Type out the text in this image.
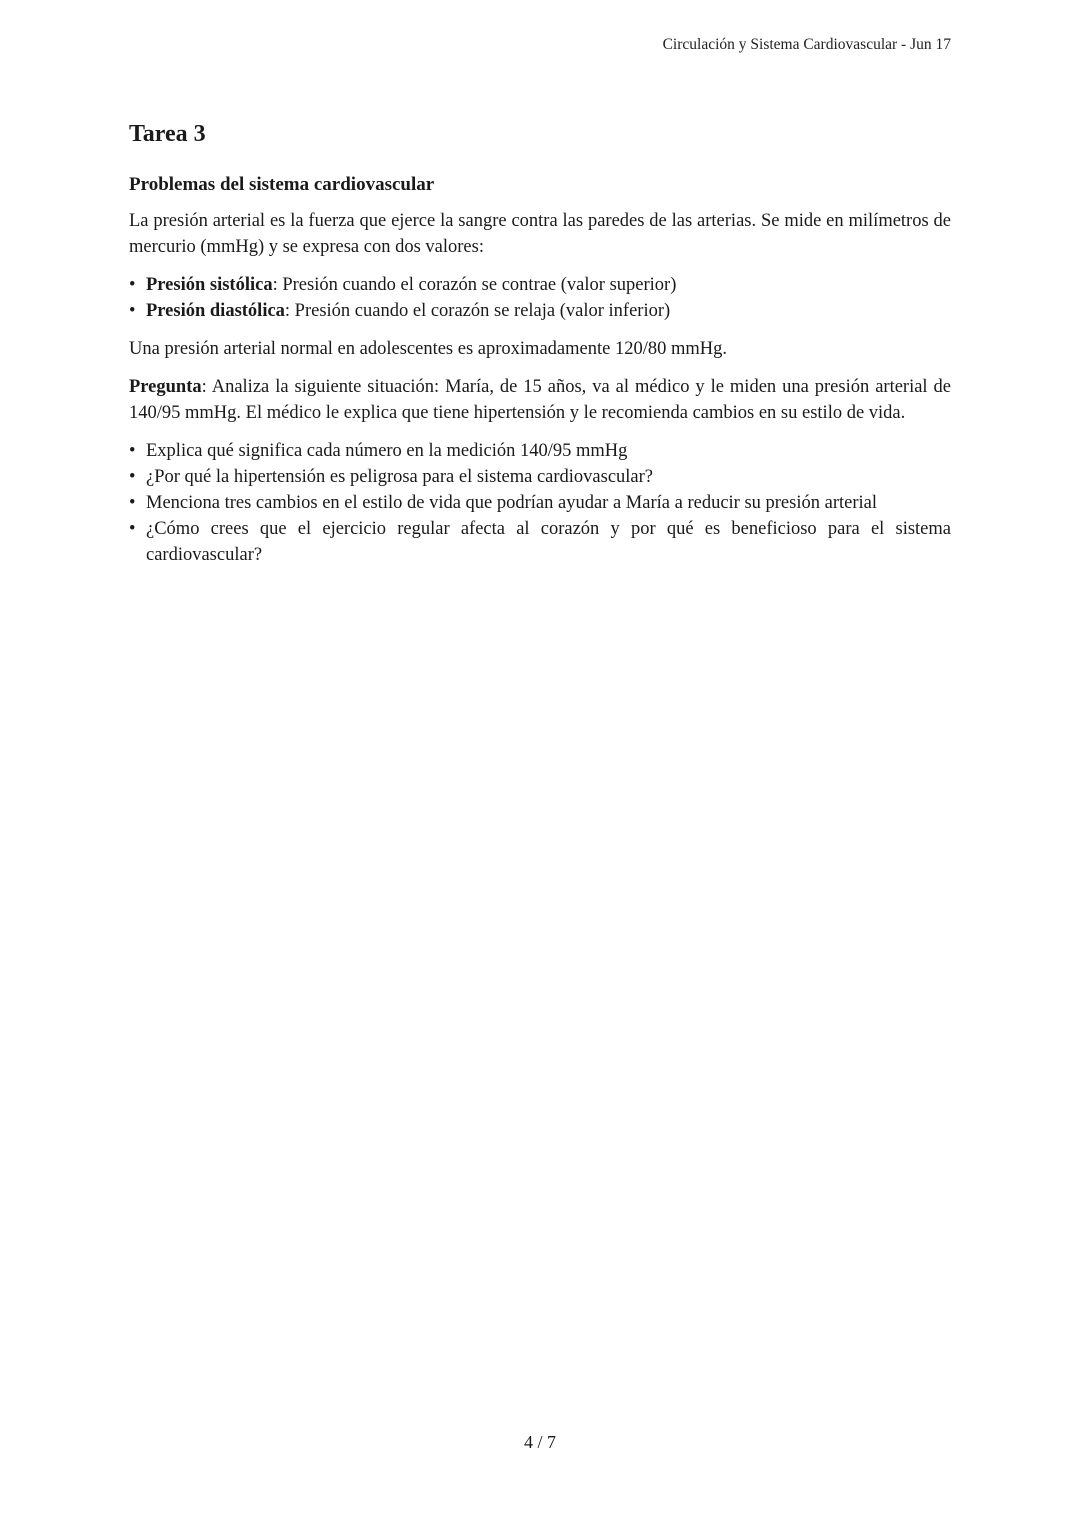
Circulación y Sistema Cardiovascular - Jun 17
Tarea 3
Problemas del sistema cardiovascular

La presión arterial es la fuerza que ejerce la sangre contra las paredes de las arterias. Se mide en milímetros de mercurio (mmHg) y se expresa con dos valores:

• Presión sistólica: Presión cuando el corazón se contrae (valor superior)
• Presión diastólica: Presión cuando el corazón se relaja (valor inferior)

Una presión arterial normal en adolescentes es aproximadamente 120/80 mmHg.

Pregunta: Analiza la siguiente situación: María, de 15 años, va al médico y le miden una presión arterial de 140/95 mmHg. El médico le explica que tiene hipertensión y le recomienda cambios en su estilo de vida.

• Explica qué significa cada número en la medición 140/95 mmHg
• ¿Por qué la hipertensión es peligrosa para el sistema cardiovascular?
• Menciona tres cambios en el estilo de vida que podrían ayudar a María a reducir su presión arterial
• ¿Cómo crees que el ejercicio regular afecta al corazón y por qué es beneficioso para el sistema cardiovascular?
4 / 7
